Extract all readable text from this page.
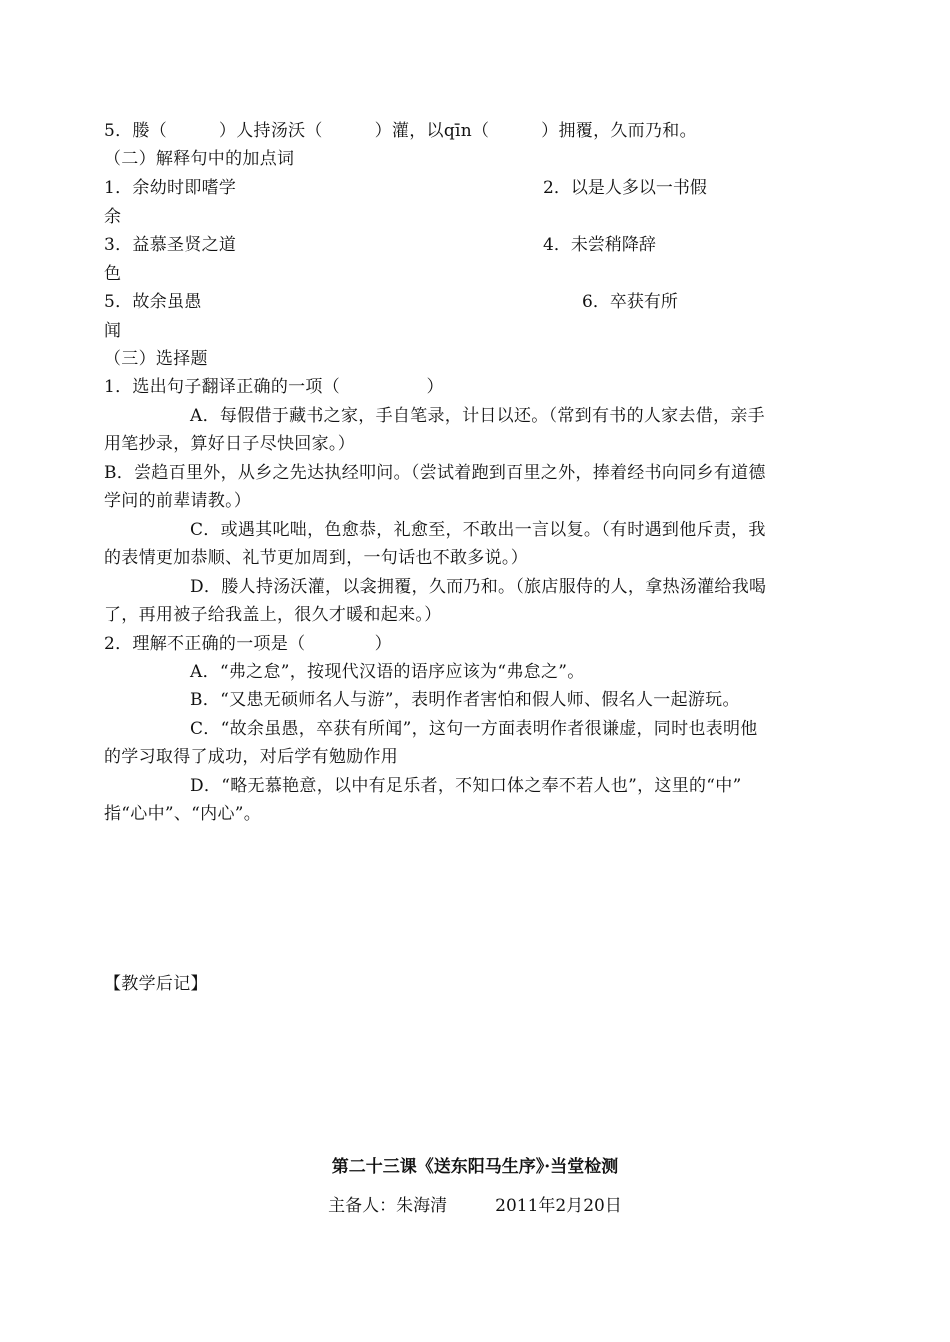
5．媵（　　　）人持汤沃（　　　）灌，以qīn（　　　）拥覆，久而乃和。
（二）解释句中的加点词
1．余幼时即嗜学	2．以是人多以一书假
余
3．益慕圣贤之道	4．未尝稍降辞
色
5．故余虽愚	6．卒获有所
闻
（三）选择题
1．选出句子翻译正确的一项（　　　　　）
A．每假借于藏书之家，手自笔录，计日以还。（常到有书的人家去借，亲手
用笔抄录，算好日子尽快回家。）
B．尝趋百里外，从乡之先达执经叩问。（尝试着跑到百里之外，捧着经书向同乡有道德
学问的前辈请教。）
C．或遇其叱咄，色愈恭，礼愈至，不敢出一言以复。（有时遇到他斥责，我
的表情更加恭顺、礼节更加周到，一句话也不敢多说。）
D．媵人持汤沃灌，以衾拥覆，久而乃和。（旅店服侍的人，拿热汤灌给我喝
了，再用被子给我盖上，很久才暖和起来。）
2．理解不正确的一项是（　　　　）
A．“弗之怠”，按现代汉语的语序应该为“弗怠之”。
B．“又患无硕师名人与游”，表明作者害怕和假人师、假名人一起游玩。
C．“故余虽愚，卒获有所闻”，这句一方面表明作者很谦虚，同时也表明他
的学习取得了成功，对后学有勉励作用
D．“略无慕艳意，以中有足乐者，不知口体之奉不若人也”，这里的“中”
指“心中”、“内心”。
【教学后记】
第二十三课《送东阳马生序》·当堂检测
主备人：朱海清	2011年2月20日
